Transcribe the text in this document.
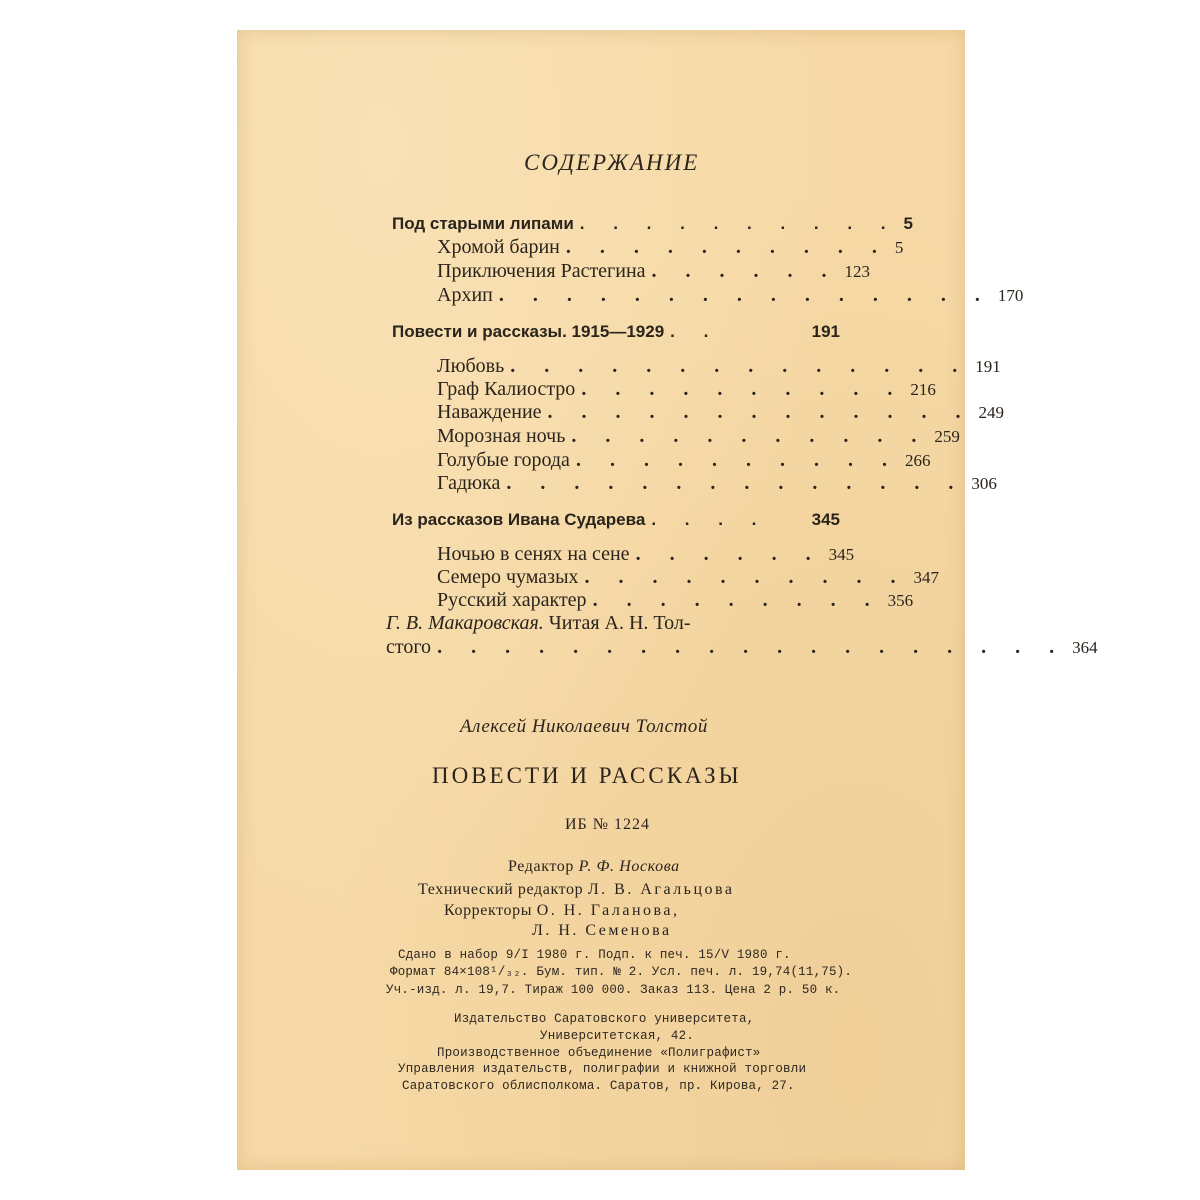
СОДЕРЖАНИЕ
Под старыми липами . . . . . . . . . . 5
Хромой барин . . . . . . . . . . 5
Приключения Растегина . . . . . . 123
Архип . . . . . . . . . . . . . . . 170
Повести и рассказы. 1915—1929 . .	191
Любовь . . . . . . . . . . . . . . 191
Граф Калиостро . . . . . . . . . . 216
Наваждение . . . . . . . . . . . . . 249
Морозная ночь . . . . . . . . . . . 259
Голубые города . . . . . . . . . . 266
Гадюка . . . . . . . . . . . . . . 306
Из рассказов Ивана Сударева . . . .	345
Ночью в сенях на сене . . . . . . 345
Семеро чумазых . . . . . . . . . . 347
Русский характер . . . . . . . . . 356
Г. В. Макаровская. Читая А. Н. Тол-
стого . . . . . . . . . . . . . . . . . . . 364
Алексей Николаевич Толстой
ПОВЕСТИ И РАССКАЗЫ
ИБ № 1224
Редактор Р. Ф. Носкова
Технический редактор Л. В. Агальцова
Корректоры О. Н. Галанова,
Л. Н. Семенова
Сдано в набор 9/I 1980 г. Подп. к печ. 15/V 1980 г.
Формат 84×108¹/₃₂. Бум. тип. № 2. Усл. печ. л. 19,74(11,75).
Уч.-изд. л. 19,7. Тираж 100 000. Заказ 113. Цена 2 р. 50 к.
Издательство Саратовского университета,
Университетская, 42.
Производственное объединение «Полиграфист»
Управления издательств, полиграфии и книжной торговли
Саратовского облисполкома. Саратов, пр. Кирова, 27.
